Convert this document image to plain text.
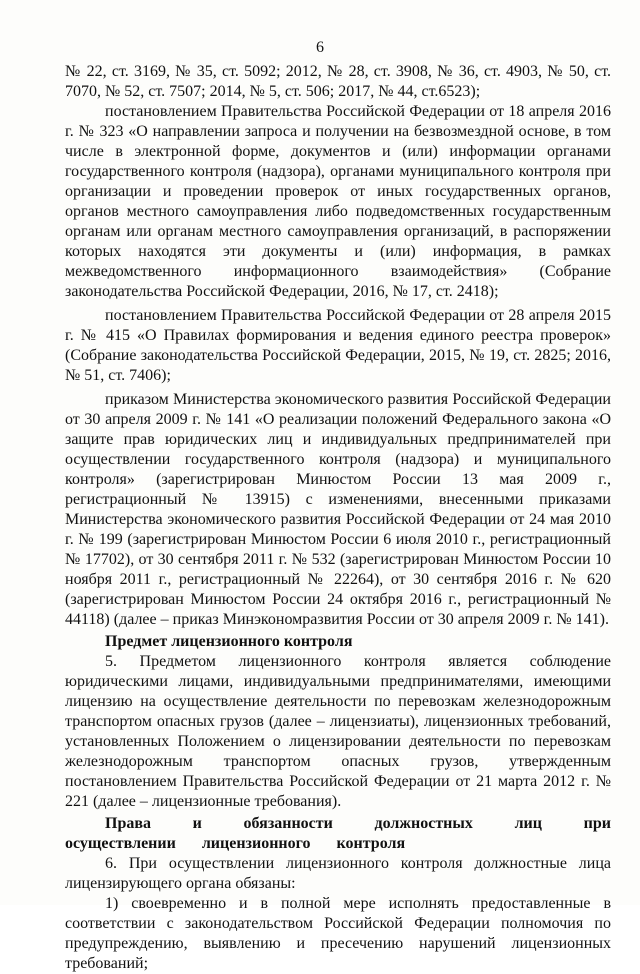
6

№ 22, ст. 3169, № 35, ст. 5092; 2012, № 28, ст. 3908, № 36, ст. 4903, № 50, ст. 7070, № 52, ст. 7507; 2014, № 5, ст. 506; 2017, № 44, ст.6523);

постановлением Правительства Российской Федерации от 18 апреля 2016 г. № 323 «О направлении запроса и получении на безвозмездной основе, в том числе в электронной форме, документов и (или) информации органами государственного контроля (надзора), органами муниципального контроля при организации и проведении проверок от иных государственных органов, органов местного самоуправления либо подведомственных государственным органам или органам местного самоуправления организаций, в распоряжении которых находятся эти документы и (или) информация, в рамках межведомственного информационного взаимодействия» (Собрание законодательства Российской Федерации, 2016, № 17, ст. 2418);

постановлением Правительства Российской Федерации от 28 апреля 2015 г. № 415 «О Правилах формирования и ведения единого реестра проверок» (Собрание законодательства Российской Федерации, 2015, № 19, ст. 2825; 2016, № 51, ст. 7406);

приказом Министерства экономического развития Российской Федерации от 30 апреля 2009 г. № 141 «О реализации положений Федерального закона «О защите прав юридических лиц и индивидуальных предпринимателей при осуществлении государственного контроля (надзора) и муниципального контроля» (зарегистрирован Минюстом России 13 мая 2009 г., регистрационный № 13915) с изменениями, внесенными приказами Министерства экономического развития Российской Федерации от 24 мая 2010 г. № 199 (зарегистрирован Минюстом России 6 июля 2010 г., регистрационный № 17702), от 30 сентября 2011 г. № 532 (зарегистрирован Минюстом России 10 ноября 2011 г., регистрационный № 22264), от 30 сентября 2016 г. № 620 (зарегистрирован Минюстом России 24 октября 2016 г., регистрационный № 44118) (далее – приказ Минэкономразвития России от 30 апреля 2009 г. № 141).

Предмет лицензионного контроля

5. Предметом лицензионного контроля является соблюдение юридическими лицами, индивидуальными предпринимателями, имеющими лицензию на осуществление деятельности по перевозкам железнодорожным транспортом опасных грузов (далее – лицензиаты), лицензионных требований, установленных Положением о лицензировании деятельности по перевозкам железнодорожным транспортом опасных грузов, утвержденным постановлением Правительства Российской Федерации от 21 марта 2012 г. № 221 (далее – лицензионные требования).

Права и обязанности должностных лиц при осуществлении лицензионного контроля

6. При осуществлении лицензионного контроля должностные лица лицензирующего органа обязаны:

1) своевременно и в полной мере исполнять предоставленные в соответствии с законодательством Российской Федерации полномочия по предупреждению, выявлению и пресечению нарушений лицензионных требований;
